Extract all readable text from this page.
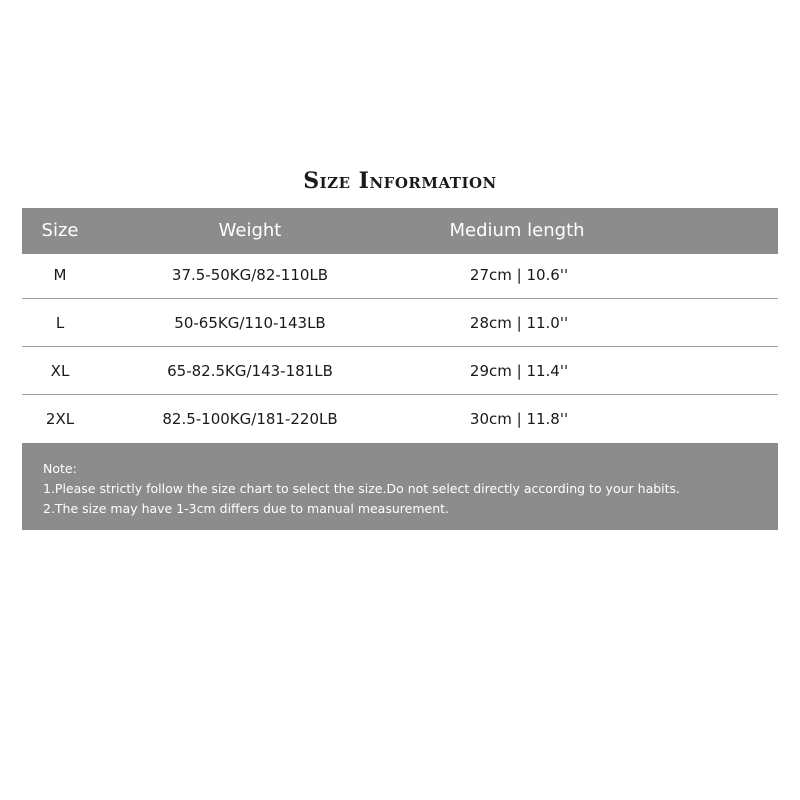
Size Information
Size	Weight	Medium length
M	37.5-50KG/82-110LB	27cm | 10.6''
L	50-65KG/110-143LB	28cm | 11.0''
XL	65-82.5KG/143-181LB	29cm | 11.4''
2XL	82.5-100KG/181-220LB	30cm | 11.8''
Note:
1.Please strictly follow the size chart to select the size.Do not select directly according to your habits.
2.The size may have 1-3cm differs due to manual measurement.
